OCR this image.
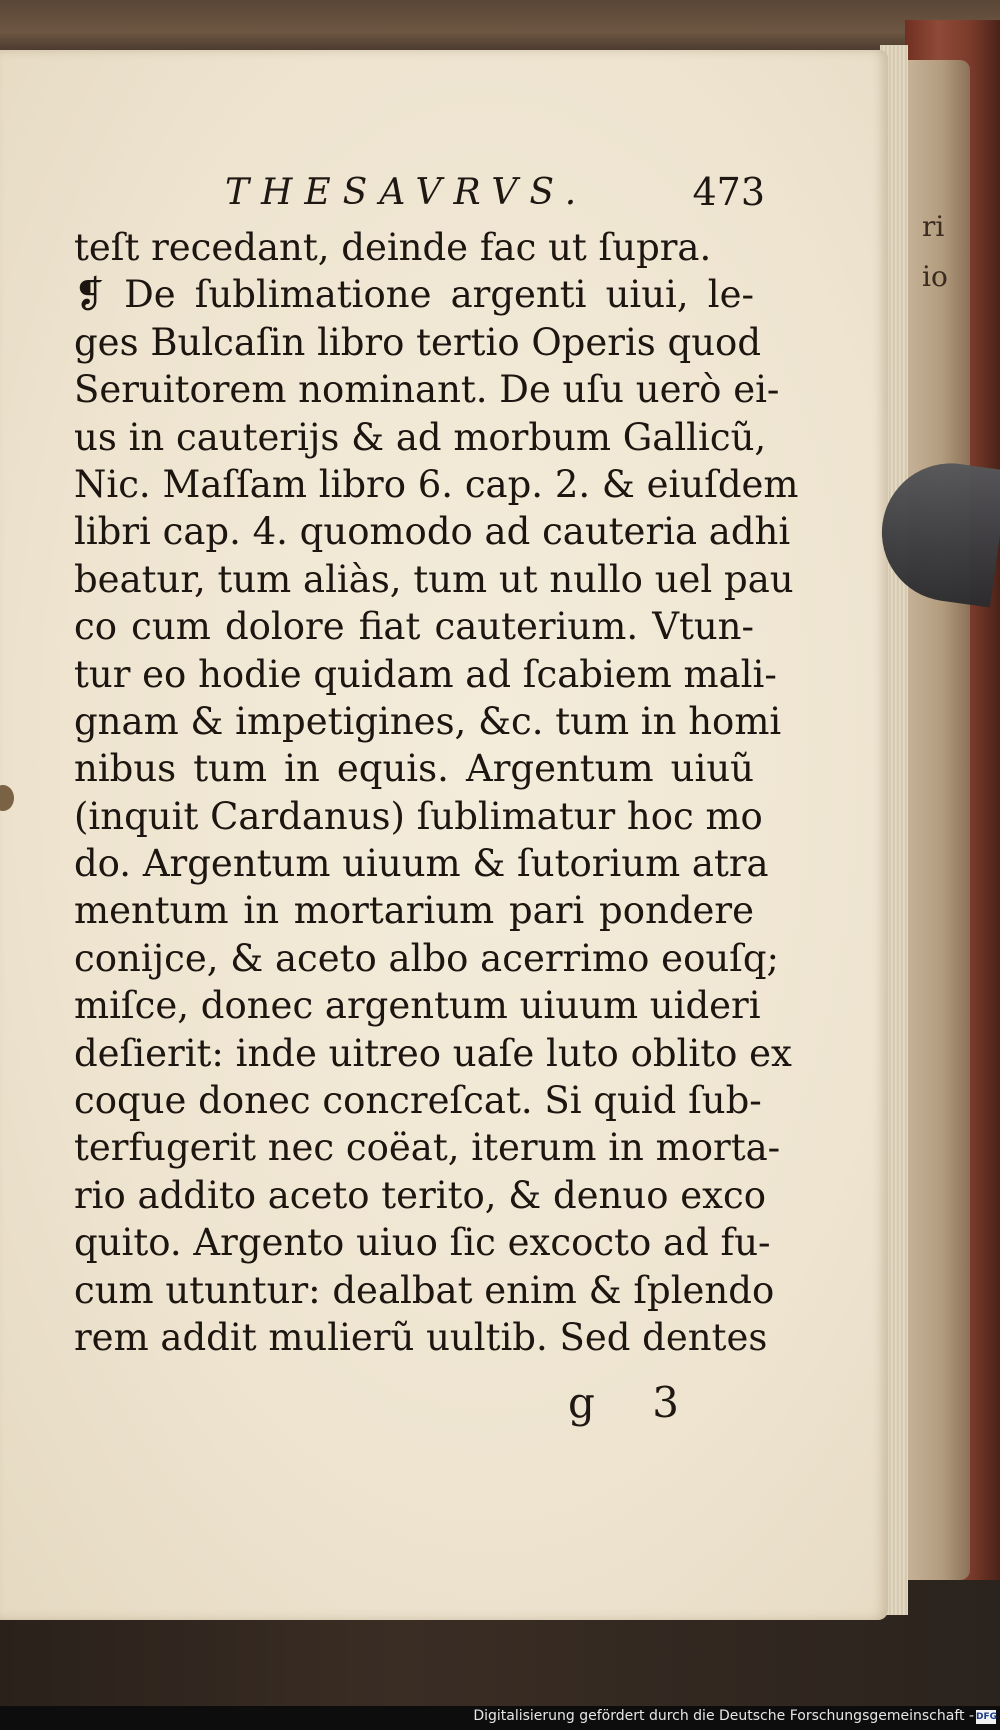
ri
io
THESAVRVS.	473
teſt recedant, deinde fac ut ſupra.
❡ De ſublimatione argenti uiui, le-
ges Bulcaſin libro tertio Operis quod
Seruitorem nominant. De uſu uerò ei-
us in cauterijs & ad morbum Gallicũ,
Nic. Maſſam libro 6. cap. 2. & eiuſdem
libri cap. 4. quomodo ad cauteria adhi
beatur, tum aliàs, tum ut nullo uel pau
co cum dolore fiat cauterium. Vtun-
tur eo hodie quidam ad ſcabiem mali-
gnam & impetigines, &c. tum in homi
nibus tum in equis. Argentum uiuũ
(inquit Cardanus) ſublimatur hoc mo
do. Argentum uiuum & ſutorium atra
mentum in mortarium pari pondere
conijce, & aceto albo acerrimo eouſq;
miſce, donec argentum uiuum uideri
deſierit: inde uitreo uaſe luto oblito ex
coque donec concreſcat. Si quid ſub-
terfugerit nec coëat, iterum in morta-
rio addito aceto terito, & denuo exco
quito. Argento uiuo ſic excocto ad fu-
cum utuntur: dealbat enim & ſplendo
rem addit mulierũ uultib. Sed dentes
g 3
Digitalisierung gefördert durch die Deutsche Forschungsgemeinschaft - DFG
